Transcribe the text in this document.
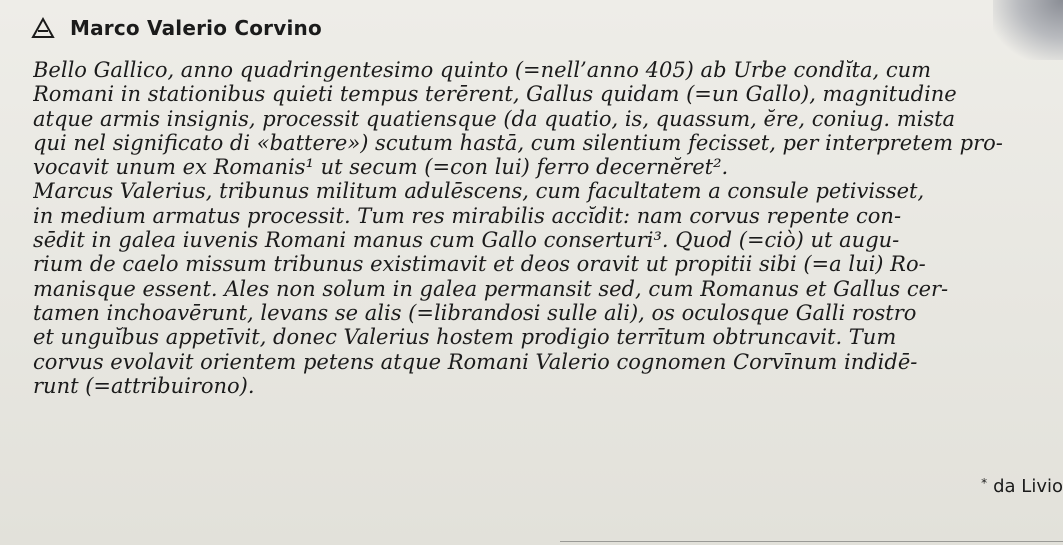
Marco Valerio Corvino
Bello Gallico, anno quadringentesimo quinto (=nell’anno 405) ab Urbe condĭta, cum
Romani in stationibus quieti tempus terērent, Gallus quidam (=un Gallo), magnitudine
atque armis insignis, processit quatiensque (da quatio, is, quassum, ĕre, coniug. mista
qui nel significato di «battere») scutum hastā, cum silentium fecisset, per interpretem pro-
vocavit unum ex Romanis¹ ut secum (=con lui) ferro decernĕret².
Marcus Valerius, tribunus militum adulēscens, cum facultatem a consule petivisset,
in medium armatus processit. Tum res mirabilis accĭdit: nam corvus repente con-
sēdit in galea iuvenis Romani manus cum Gallo conserturi³. Quod (=ciò) ut augu-
rium de caelo missum tribunus existimavit et deos oravit ut propitii sibi (=a lui) Ro-
manisque essent. Ales non solum in galea permansit sed, cum Romanus et Gallus cer-
tamen inchoavērunt, levans se alis (=librandosi sulle ali), os oculosque Galli rostro
et unguĭbus appetīvit, donec Valerius hostem prodigio terrītum obtruncavit. Tum
corvus evolavit orientem petens atque Romani Valerio cognomen Corvīnum indidē-
runt (=attribuirono).
* da Livio
